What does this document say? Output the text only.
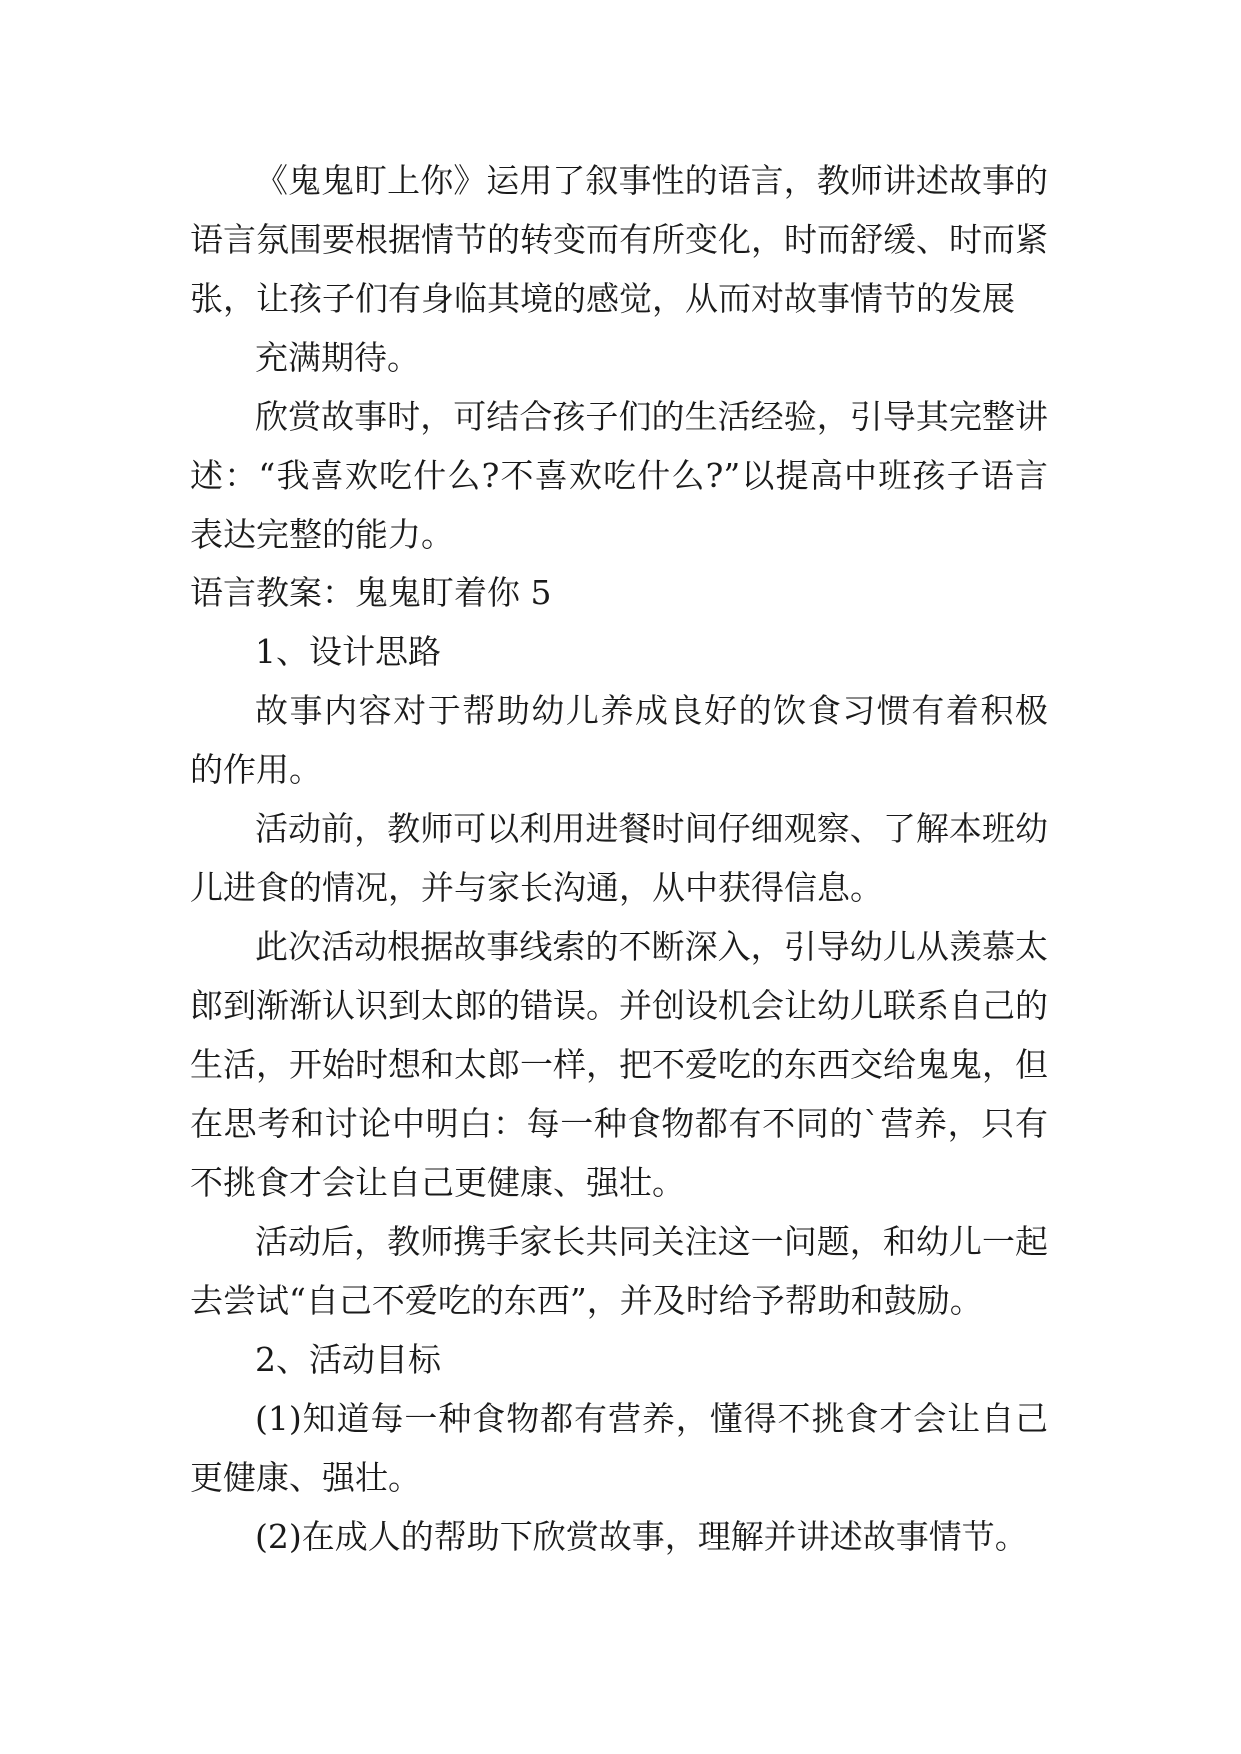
《鬼鬼盯上你》运用了叙事性的语言，教师讲述故事的
语言氛围要根据情节的转变而有所变化，时而舒缓、时而紧
张，让孩子们有身临其境的感觉，从而对故事情节的发展
充满期待。
欣赏故事时，可结合孩子们的生活经验，引导其完整讲
述：“我喜欢吃什么?不喜欢吃什么?”以提高中班孩子语言
表达完整的能力。
语言教案：鬼鬼盯着你 5
1、设计思路
故事内容对于帮助幼儿养成良好的饮食习惯有着积极
的作用。
活动前，教师可以利用进餐时间仔细观察、了解本班幼
儿进食的情况，并与家长沟通，从中获得信息。
此次活动根据故事线索的不断深入，引导幼儿从羡慕太
郎到渐渐认识到太郎的错误。并创设机会让幼儿联系自己的
生活，开始时想和太郎一样，把不爱吃的东西交给鬼鬼，但
在思考和讨论中明白：每一种食物都有不同的`营养，只有
不挑食才会让自己更健康、强壮。
活动后，教师携手家长共同关注这一问题，和幼儿一起
去尝试“自己不爱吃的东西”，并及时给予帮助和鼓励。
2、活动目标
(1)知道每一种食物都有营养，懂得不挑食才会让自己
更健康、强壮。
(2)在成人的帮助下欣赏故事，理解并讲述故事情节。
